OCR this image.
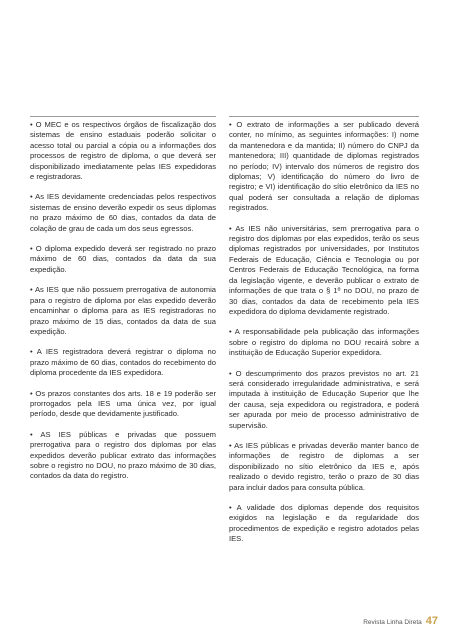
• O MEC e os respectivos órgãos de fiscalização dos sistemas de ensino estaduais poderão solicitar o acesso total ou parcial a cópia ou a informações dos processos de registro de diploma, o que deverá ser disponibilizado imediatamente pelas IES expedidoras e registradoras.

• As IES devidamente credenciadas pelos respectivos sistemas de ensino deverão expedir os seus diplomas no prazo máximo de 60 dias, contados da data de colação de grau de cada um dos seus egressos.

• O diploma expedido deverá ser registrado no prazo máximo de 60 dias, contados da data da sua expedição.

• As IES que não possuem prerrogativa de autonomia para o registro de diploma por elas expedido deverão encaminhar o diploma para as IES registradoras no prazo máximo de 15 dias, contados da data de sua expedição.

• A IES registradora deverá registrar o diploma no prazo máximo de 60 dias, contados do recebimento do diploma procedente da IES expedidora.

• Os prazos constantes dos arts. 18 e 19 poderão ser prorrogados pela IES uma única vez, por igual período, desde que devidamente justificado.

• AS IES públicas e privadas que possuem prerrogativa para o registro dos diplomas por elas expedidos deverão publicar extrato das informações sobre o registro no DOU, no prazo máximo de 30 dias, contados da data do registro.

• O extrato de informações a ser publicado deverá conter, no mínimo, as seguintes informações: I) nome da mantenedora e da mantida; II) número do CNPJ da mantenedora; III) quantidade de diplomas registrados no período; IV) intervalo dos números de registro dos diplomas; V) identificação do número do livro de registro; e VI) identificação do sítio eletrônico da IES no qual poderá ser consultada a relação de diplomas registrados.

• As IES não universitárias, sem prerrogativa para o registro dos diplomas por elas expedidos, terão os seus diplomas registrados por universidades, por Institutos Federais de Educação, Ciência e Tecnologia ou por Centros Federais de Educação Tecnológica, na forma da legislação vigente, e deverão publicar o extrato de informações de que trata o § 1º no DOU, no prazo de 30 dias, contados da data de recebimento pela IES expedidora do diploma devidamente registrado.

• A responsabilidade pela publicação das informações sobre o registro do diploma no DOU recairá sobre a instituição de Educação Superior expedidora.

• O descumprimento dos prazos previstos no art. 21 será considerado irregularidade administrativa, e será imputada à instituição de Educação Superior que lhe der causa, seja expedidora ou registradora, e poderá ser apurada por meio de processo administrativo de supervisão.

• As IES públicas e privadas deverão manter banco de informações de registro de diplomas a ser disponibilizado no sítio eletrônico da IES e, após realizado o devido registro, terão o prazo de 30 dias para incluir dados para consulta pública.

• A validade dos diplomas depende dos requisitos exigidos na legislação e da regularidade dos procedimentos de expedição e registro adotados pelas IES.

Revista Linha Direta 47
